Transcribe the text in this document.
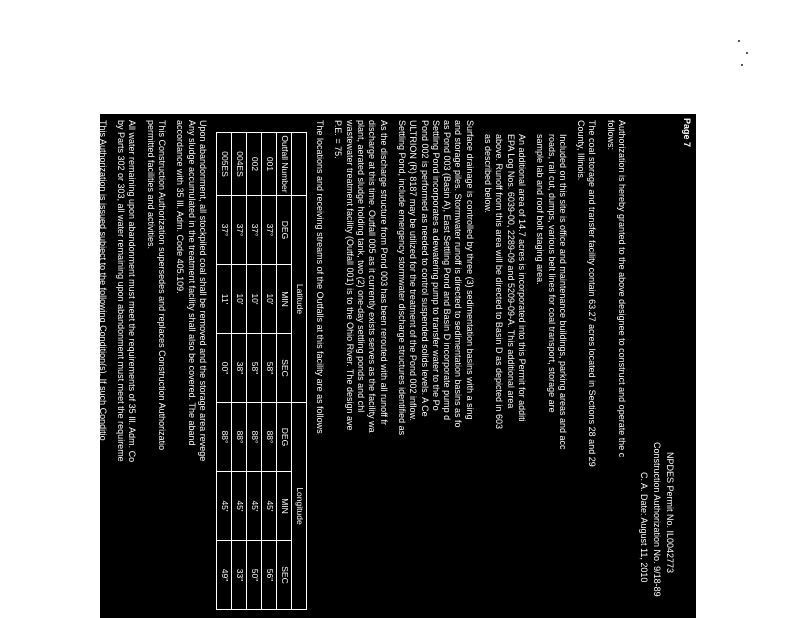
Page 7
NPDES Permit No. IL0042773
Construction Authorization No. 9/18-89
C. A. Date: August 11, 2010

Authorization is hereby granted to the above designee to construct and operate the c

follows:

The coal storage and transfer facility contain 63.27 acres located in Sections 28 and 29

County, Illinois.

Included on this site is office and maintenance buildings, parking areas and acc

roads, rail cut, dumps, various belt lines for coal transport, storage are

sample lab and roof bolt staging area.

An additional area of 14.7 acres is incorporated into this Permit for additi

EPA Log Nos. 6039-00, 2289-09 and 5209-09-A. This additional area

above. Runoff from this area will be directed to Basin D as depicted in 603

as described below.

Surface drainage is controlled by three (3) sedimentation basins with a sing

and storage piles. Stormwater runoff is directed to sedimentation basins as fo

as Pond 003 (Basin A), East Settling Pond and Basin D incorporate pump d

Settling Pond incorporates a dewatering pump to transfer water to the Po

Pond 002 is performed as needed to control suspended solids levels. A Ce

ULTRION (R) 8187 may be utilized for the treatment of the Pond 002 inflow.

Settling Pond, include emergency stormwater discharge structures identified as

As the discharge structure from Pond 003 has been rerouted with all runoff fr

discharge at this time. Outfall 005 as it currently exists serves as the facility wa

plant, aerated sludge holding tank, two (2) one-day settling ponds and chl

wastewater treatment facility (Outfall 001) is to the Ohio River. The design ave

P.E. = 75.

The locations and receiving streams of the Outfalls at this facility are as follows

	Latitude			Longitude		
Outfall Number	DEG	MIN	SEC	DEG	MIN	SEC
001	37°	10'	58"	88°	45'	56"
002	37°	10'	58"	88°	45'	50"
004ES	37°	10'	38"	88°	45'	33"
005ES	37°	11'	00"	88°	45'	49"

Upon abandonment, all stockpiled coal shall be removed and the storage area revege

Any sludge accumulated in the treatment facility shall also be covered. The aband

accordance with 35 Ill. Adm. Code 405.109.

This Construction Authorization supersedes and replaces Construction Authorizatio

permitted facilities and activities.

All water remaining upon abandonment must meet the requirements of 35 Ill. Adm. Co

by Parts 302 or 303, all water remaining upon abandonment must meet the requireme

This Authorization is issued subject to the following Condition(s). If such Conditio

submitted to this Agency, these Conditions must be submitted to the Agency for re

Supplemental Authorization Document.

1.
If any statement or representation is found to be incorrect, this permit may be re
rights thereunder.
